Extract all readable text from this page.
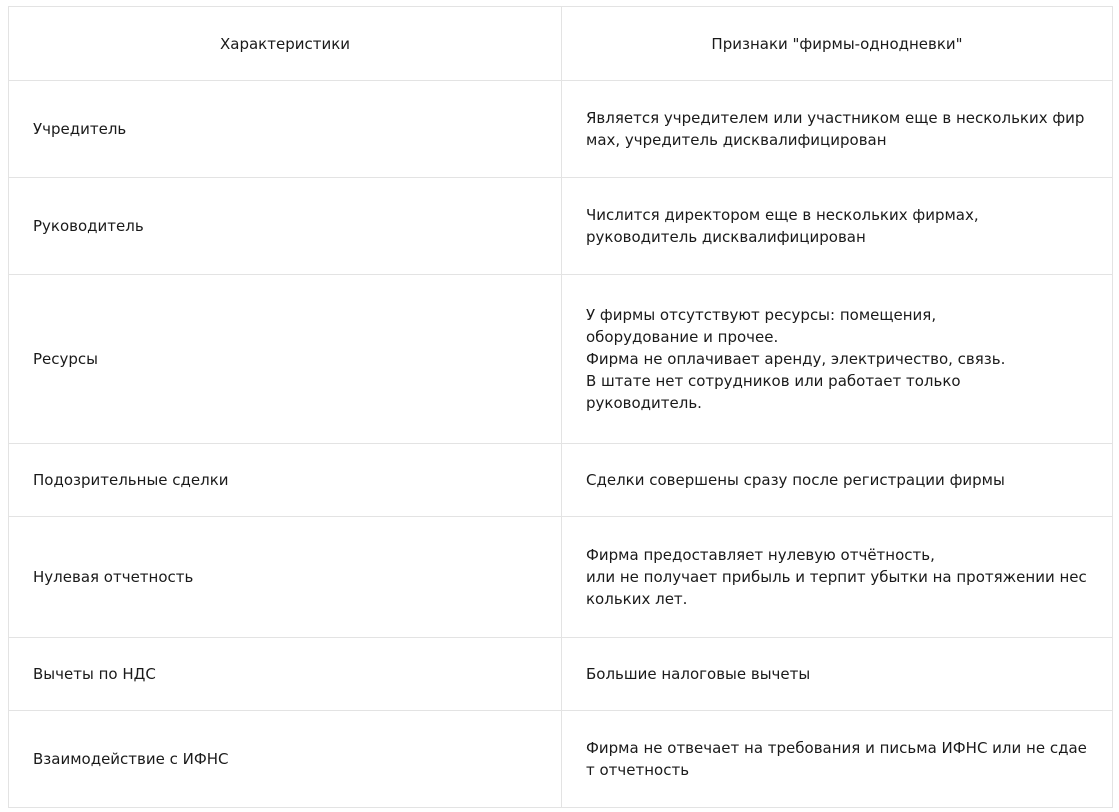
Характеристики	Признаки "фирмы-однодневки"
Учредитель	Является учредителем или участником еще в нескольких фирмах, учредитель дисквалифицирован
Руководитель	Числится директором еще в нескольких фирмах,
руководитель дисквалифицирован
Ресурсы	У фирмы отсутствуют ресурсы: помещения,
оборудование и прочее.
Фирма не оплачивает аренду, электричество, связь.
В штате нет сотрудников или работает только
руководитель.
Подозрительные сделки	Сделки совершены сразу после регистрации фирмы
Нулевая отчетность	Фирма предоставляет нулевую отчётность,
или не получает прибыль и терпит убытки на протяжении нескольких лет.
Вычеты по НДС	Большие налоговые вычеты
Взаимодействие с ИФНС	Фирма не отвечает на требования и письма ИФНС или не сдает отчетность
